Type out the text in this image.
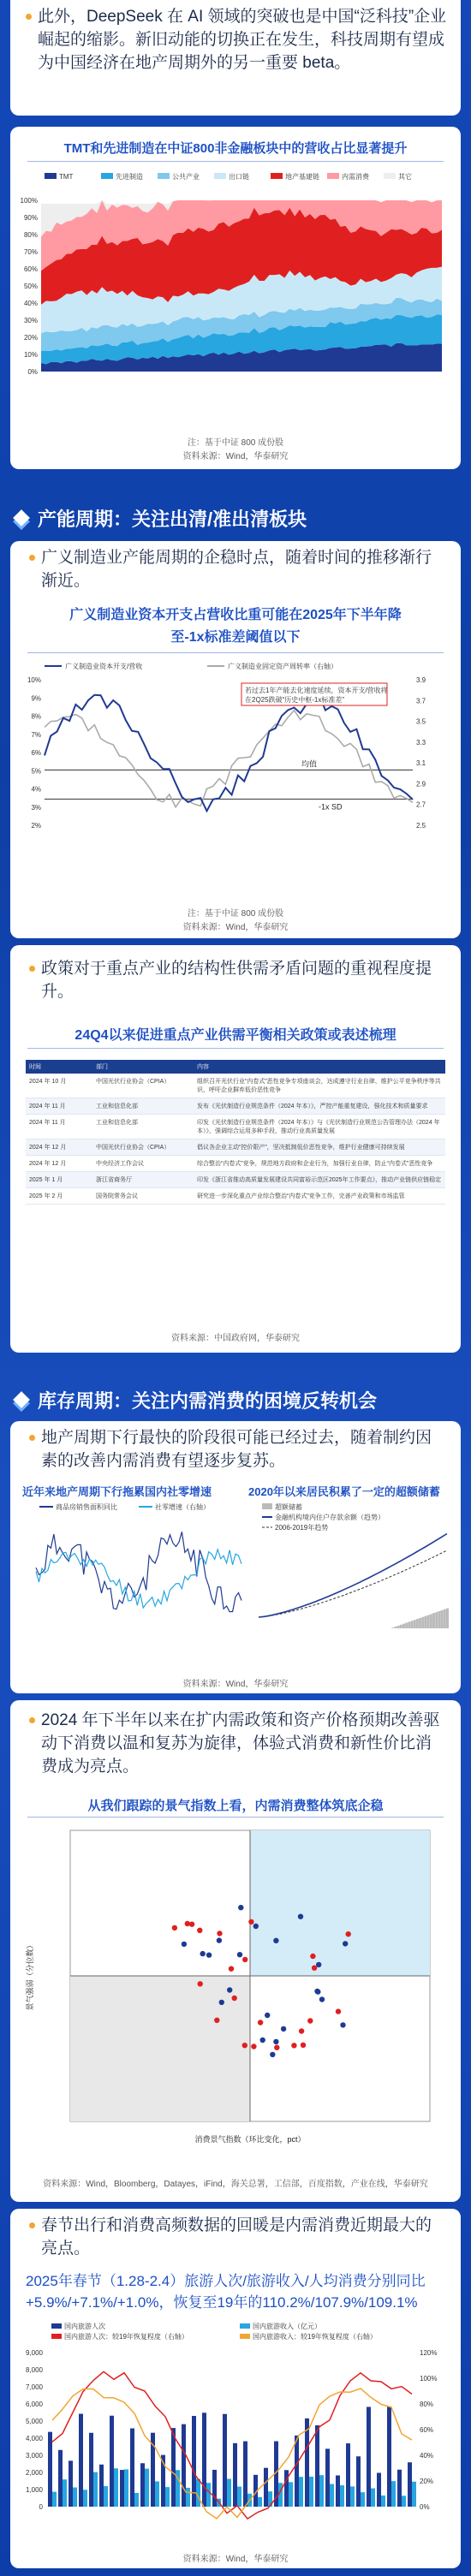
此外，DeepSeek 在 AI 领域的突破也是中国“泛科技”企业崛起的缩影。新旧动能的切换正在发生，科技周期有望成为中国经济在地产周期外的另一重要 beta。
TMT和先进制造在中证800非金融板块中的营收占比显著提升
TMT	先进制造	公共产业	出口链	地产基建链	内需消费	其它
100%
90%
80%
70%
60%
50%
40%
30%
20%
10%
0%
注：基于中证 800 成份股
资料来源：Wind，华泰研究
产能周期：关注出清/准出清板块
广义制造业产能周期的企稳时点，随着时间的推移渐行渐近。
广义制造业资本开支占营收比重可能在2025年下半年降至-1x标准差阈值以下
广义制造业资本开支/营收	广义制造业固定资产周转率（右轴）
10%
9%
8%
7%
6%
5%
4%
3%
2%
3.9
3.7
3.5
3.3
3.1
2.9
2.7
2.5
均值
-1x SD
若过去1年产能去化速度延续，资本开支/营收将
在2Q25跌破“历史中枢-1x标准差”
注：基于中证 800 成份股
资料来源：Wind，华泰研究
政策对于重点产业的结构性供需矛盾问题的重视程度提升。
24Q4以来促进重点产业供需平衡相关政策或表述梳理
时间	部门	内容
2024 年 10 月	中国光伏行业协会（CPIA）	组织召开光伏行业“内卷式”恶性竞争专项座谈会，达成遵守行业自律、维护公平竞争秩序等共识，呼吁企业摒弃低价恶性竞争
2024 年 11 月	工业和信息化部	发布《光伏制造行业规范条件（2024 年本）》，严控产能重复建设，强化技术和质量要求
2024 年 11 月	工业和信息化部	印发《光伏制造行业规范条件（2024 年本）》与《光伏制造行业规范公告管理办法（2024 年本）》，强调综合运用多种手段，推动行业高质量发展
2024 年 12 月	中国光伏行业协会（CPIA）	倡议各企业主动“控价限产”，坚决抵制低价恶性竞争，维护行业健康可持续发展
2024 年 12 月	中央经济工作会议	综合整治“内卷式”竞争，规范地方政府和企业行为，加强行业自律，防止“内卷式”恶性竞争
2025 年 1 月	浙江省商务厅	印发《浙江省推动高质量发展建设共同富裕示范区2025年工作要点》，推动产业链供应链稳定
2025 年 2 月	国务院常务会议	研究进一步深化重点产业综合整治“内卷式”竞争工作，完善产业政策和市场监管
资料来源：中国政府网，华泰研究
库存周期：关注内需消费的困境反转机会
地产周期下行最快的阶段很可能已经过去，随着制约因素的改善内需消费有望逐步复苏。
近年来地产周期下行拖累国内社零增速	2020年以来居民积累了一定的超额储蓄
商品房销售面积同比	社零增速（右轴）	超额储蓄
金融机构境内住户存款余额（趋势）
2006-2019年趋势
资料来源：Wind，华泰研究
2024 年下半年以来在扩内需政策和资产价格预期改善驱动下消费以温和复苏为旋律，体验式消费和新性价比消费成为亮点。
从我们跟踪的景气指数上看，内需消费整体筑底企稳
消费景气指数（环比变化，pct）
景气强弱（分位数）
资料来源：Wind，Bloomberg，Datayes，iFind，海关总署，工信部，百度指数，产业在线，华泰研究
春节出行和消费高频数据的回暖是内需消费近期最大的亮点。
2025年春节（1.28-2.4）旅游人次/旅游收入/人均消费分别同比+5.9%/+7.1%/+1.0%，恢复至19年的110.2%/107.9%/109.1%
国内旅游人次	国内旅游收入（亿元）
国内旅游人次：较19年恢复程度（右轴）	国内旅游收入：较19年恢复程度（右轴）
9,000
8,000
7,000
6,000
5,000
4,000
3,000
2,000
1,000
0
120%
100%
80%
60%
40%
20%
0%
资料来源：Wind，华泰研究
